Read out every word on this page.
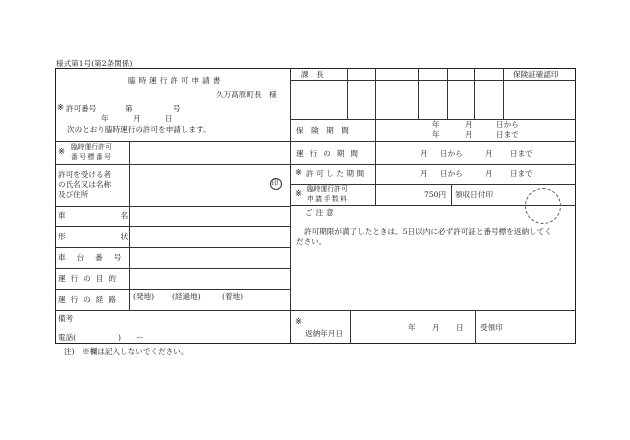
様式第1号(第2条関係)
臨時運行許可申請書
久万高原町長　様
※ 許可番号	第	号
年	月	日
次のとおり臨時運行の許可を申請します。
※ 臨時運行許可
番号標番号
許可を受ける者
の氏名又は名称
及び住所
印
車名
形状
車台番号
運行の目的
運行の経路 (発地) (経過地)	(着地)
備考
電話(	) ー
課　長	保険証確認印
保険期間
年	月	日から
年	月	日まで
運行の期間	月 日から	月 日まで
※ 許可した期間	月 日から	月 日まで
※ 臨時運行許可
申請手数料	750円 領収日付印
ご注意
許可期限が満了したときは、5日以内に必ず許可証と番号標を返納してく
ださい。
※
返納年月日
年 月 日 受領印
注)　※欄は記入しないでください。
